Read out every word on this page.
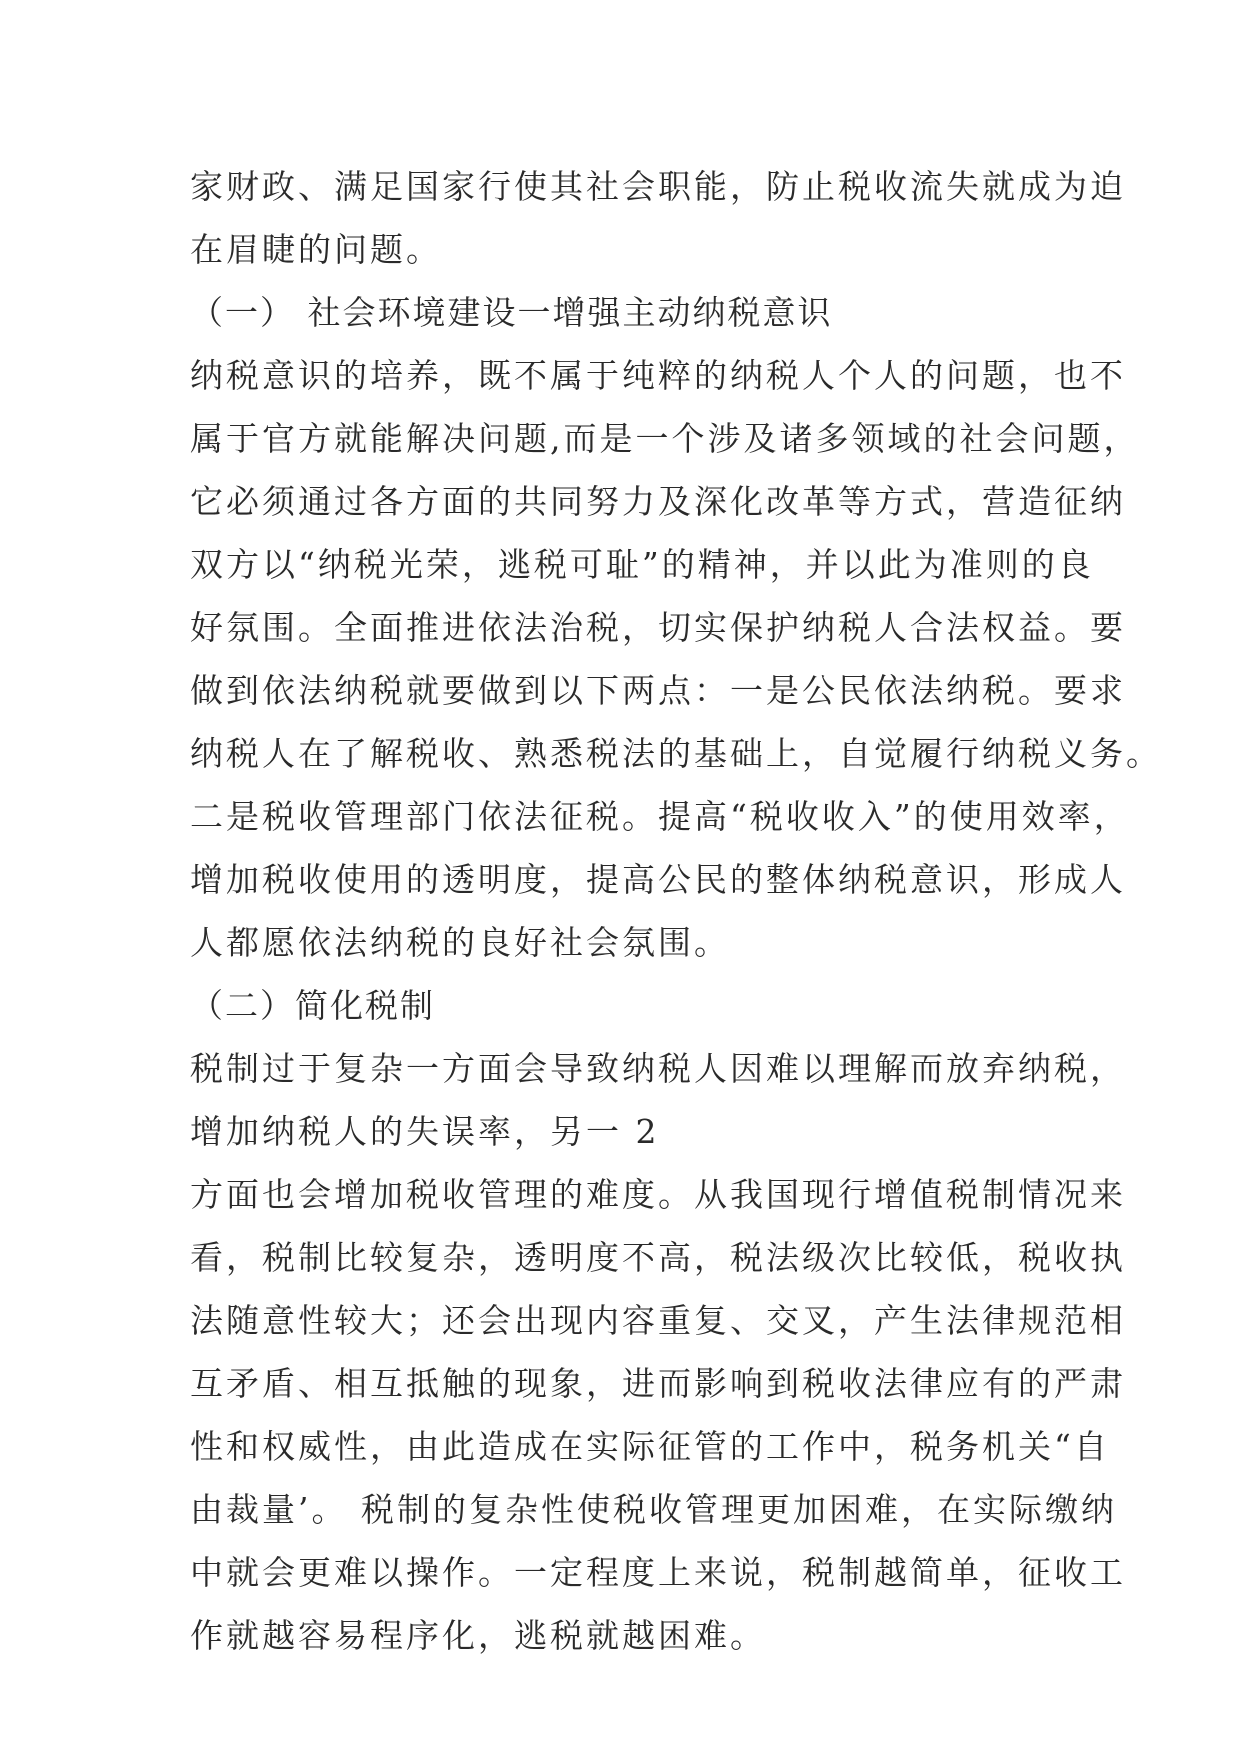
家财政、满足国家行使其社会职能，防止税收流失就成为迫
在眉睫的问题。
（一） 社会环境建设一增强主动纳税意识
纳税意识的培养，既不属于纯粹的纳税人个人的问题，也不
属于官方就能解决问题,而是一个涉及诸多领域的社会问题，
它必须通过各方面的共同努力及深化改革等方式，营造征纳
双方以“纳税光荣，逃税可耻”的精神，并以此为准则的良
好氛围。全面推进依法治税，切实保护纳税人合法权益。要
做到依法纳税就要做到以下两点：一是公民依法纳税。要求
纳税人在了解税收、熟悉税法的基础上，自觉履行纳税义务。
二是税收管理部门依法征税。提高“税收收入”的使用效率，
增加税收使用的透明度，提高公民的整体纳税意识，形成人
人都愿依法纳税的良好社会氛围。
（二）简化税制
税制过于复杂一方面会导致纳税人因难以理解而放弃纳税，
增加纳税人的失误率，另一 2
方面也会增加税收管理的难度。从我国现行增值税制情况来
看，税制比较复杂，透明度不高，税法级次比较低，税收执
法随意性较大；还会出现内容重复、交叉，产生法律规范相
互矛盾、相互抵触的现象，进而影响到税收法律应有的严肃
性和权威性，由此造成在实际征管的工作中，税务机关“自
由裁量’。 税制的复杂性使税收管理更加困难，在实际缴纳
中就会更难以操作。一定程度上来说，税制越简单，征收工
作就越容易程序化，逃税就越困难。
